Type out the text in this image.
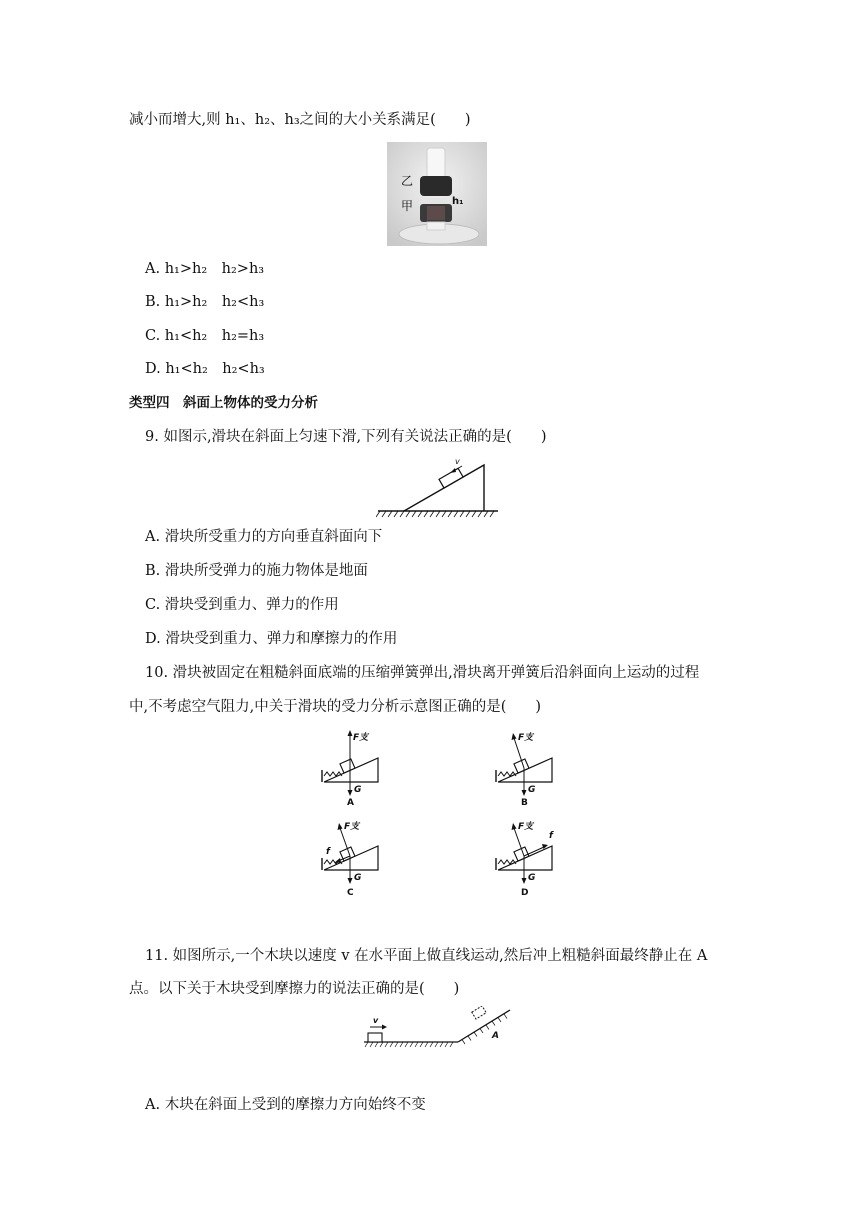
减小而增大,则 h₁、h₂、h₃之间的大小关系满足(　　)
乙
甲	h₁
A. h₁>h₂　h₂>h₃
B. h₁>h₂　h₂<h₃
C. h₁<h₂　h₂=h₃
D. h₁<h₂　h₂<h₃
类型四　斜面上物体的受力分析
9. 如图示,滑块在斜面上匀速下滑,下列有关说法正确的是(　　)
v
A. 滑块所受重力的方向垂直斜面向下
B. 滑块所受弹力的施力物体是地面
C. 滑块受到重力、弹力的作用
D. 滑块受到重力、弹力和摩擦力的作用
10. 滑块被固定在粗糙斜面底端的压缩弹簧弹出,滑块离开弹簧后沿斜面向上运动的过程
中,不考虑空气阻力,中关于滑块的受力分析示意图正确的是(　　)
F支
G
A
F支
G
B
F支
f
G
C
F支
f
G
D
11. 如图所示,一个木块以速度 v 在水平面上做直线运动,然后冲上粗糙斜面最终静止在 A
点。以下关于木块受到摩擦力的说法正确的是(　　)
v
A
A. 木块在斜面上受到的摩擦力方向始终不变
